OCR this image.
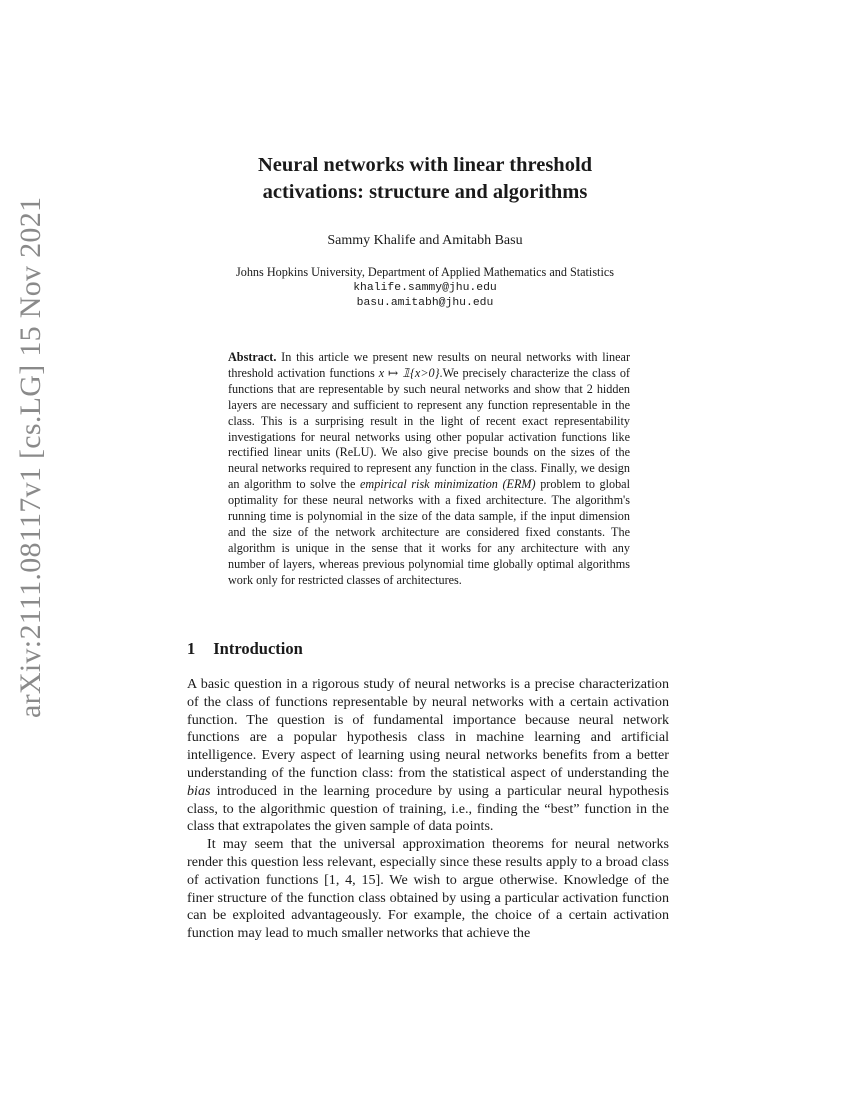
arXiv:2111.08117v1 [cs.LG] 15 Nov 2021
Neural networks with linear threshold
activations: structure and algorithms
Sammy Khalife and Amitabh Basu
Johns Hopkins University, Department of Applied Mathematics and Statistics
khalife.sammy@jhu.edu
basu.amitabh@jhu.edu
Abstract. In this article we present new results on neural networks with linear threshold activation functions x ↦ 𝟙{x>0}.We precisely characterize the class of functions that are representable by such neural networks and show that 2 hidden layers are necessary and sufficient to represent any function representable in the class. This is a surprising result in the light of recent exact representability investigations for neural networks using other popular activation functions like rectified linear units (ReLU). We also give precise bounds on the sizes of the neural networks required to represent any function in the class. Finally, we design an algorithm to solve the empirical risk minimization (ERM) problem to global optimality for these neural networks with a fixed architecture. The algorithm's running time is polynomial in the size of the data sample, if the input dimension and the size of the network architecture are considered fixed constants. The algorithm is unique in the sense that it works for any architecture with any number of layers, whereas previous polynomial time globally optimal algorithms work only for restricted classes of architectures.
1 Introduction

A basic question in a rigorous study of neural networks is a precise characterization of the class of functions representable by neural networks with a certain activation function. The question is of fundamental importance because neural network functions are a popular hypothesis class in machine learning and artificial intelligence. Every aspect of learning using neural networks benefits from a better understanding of the function class: from the statistical aspect of understanding the bias introduced in the learning procedure by using a particular neural hypothesis class, to the algorithmic question of training, i.e., finding the “best” function in the class that extrapolates the given sample of data points.

It may seem that the universal approximation theorems for neural networks render this question less relevant, especially since these results apply to a broad class of activation functions [1, 4, 15]. We wish to argue otherwise. Knowledge of the finer structure of the function class obtained by using a particular activation function can be exploited advantageously. For example, the choice of a certain activation function may lead to much smaller networks that achieve the
